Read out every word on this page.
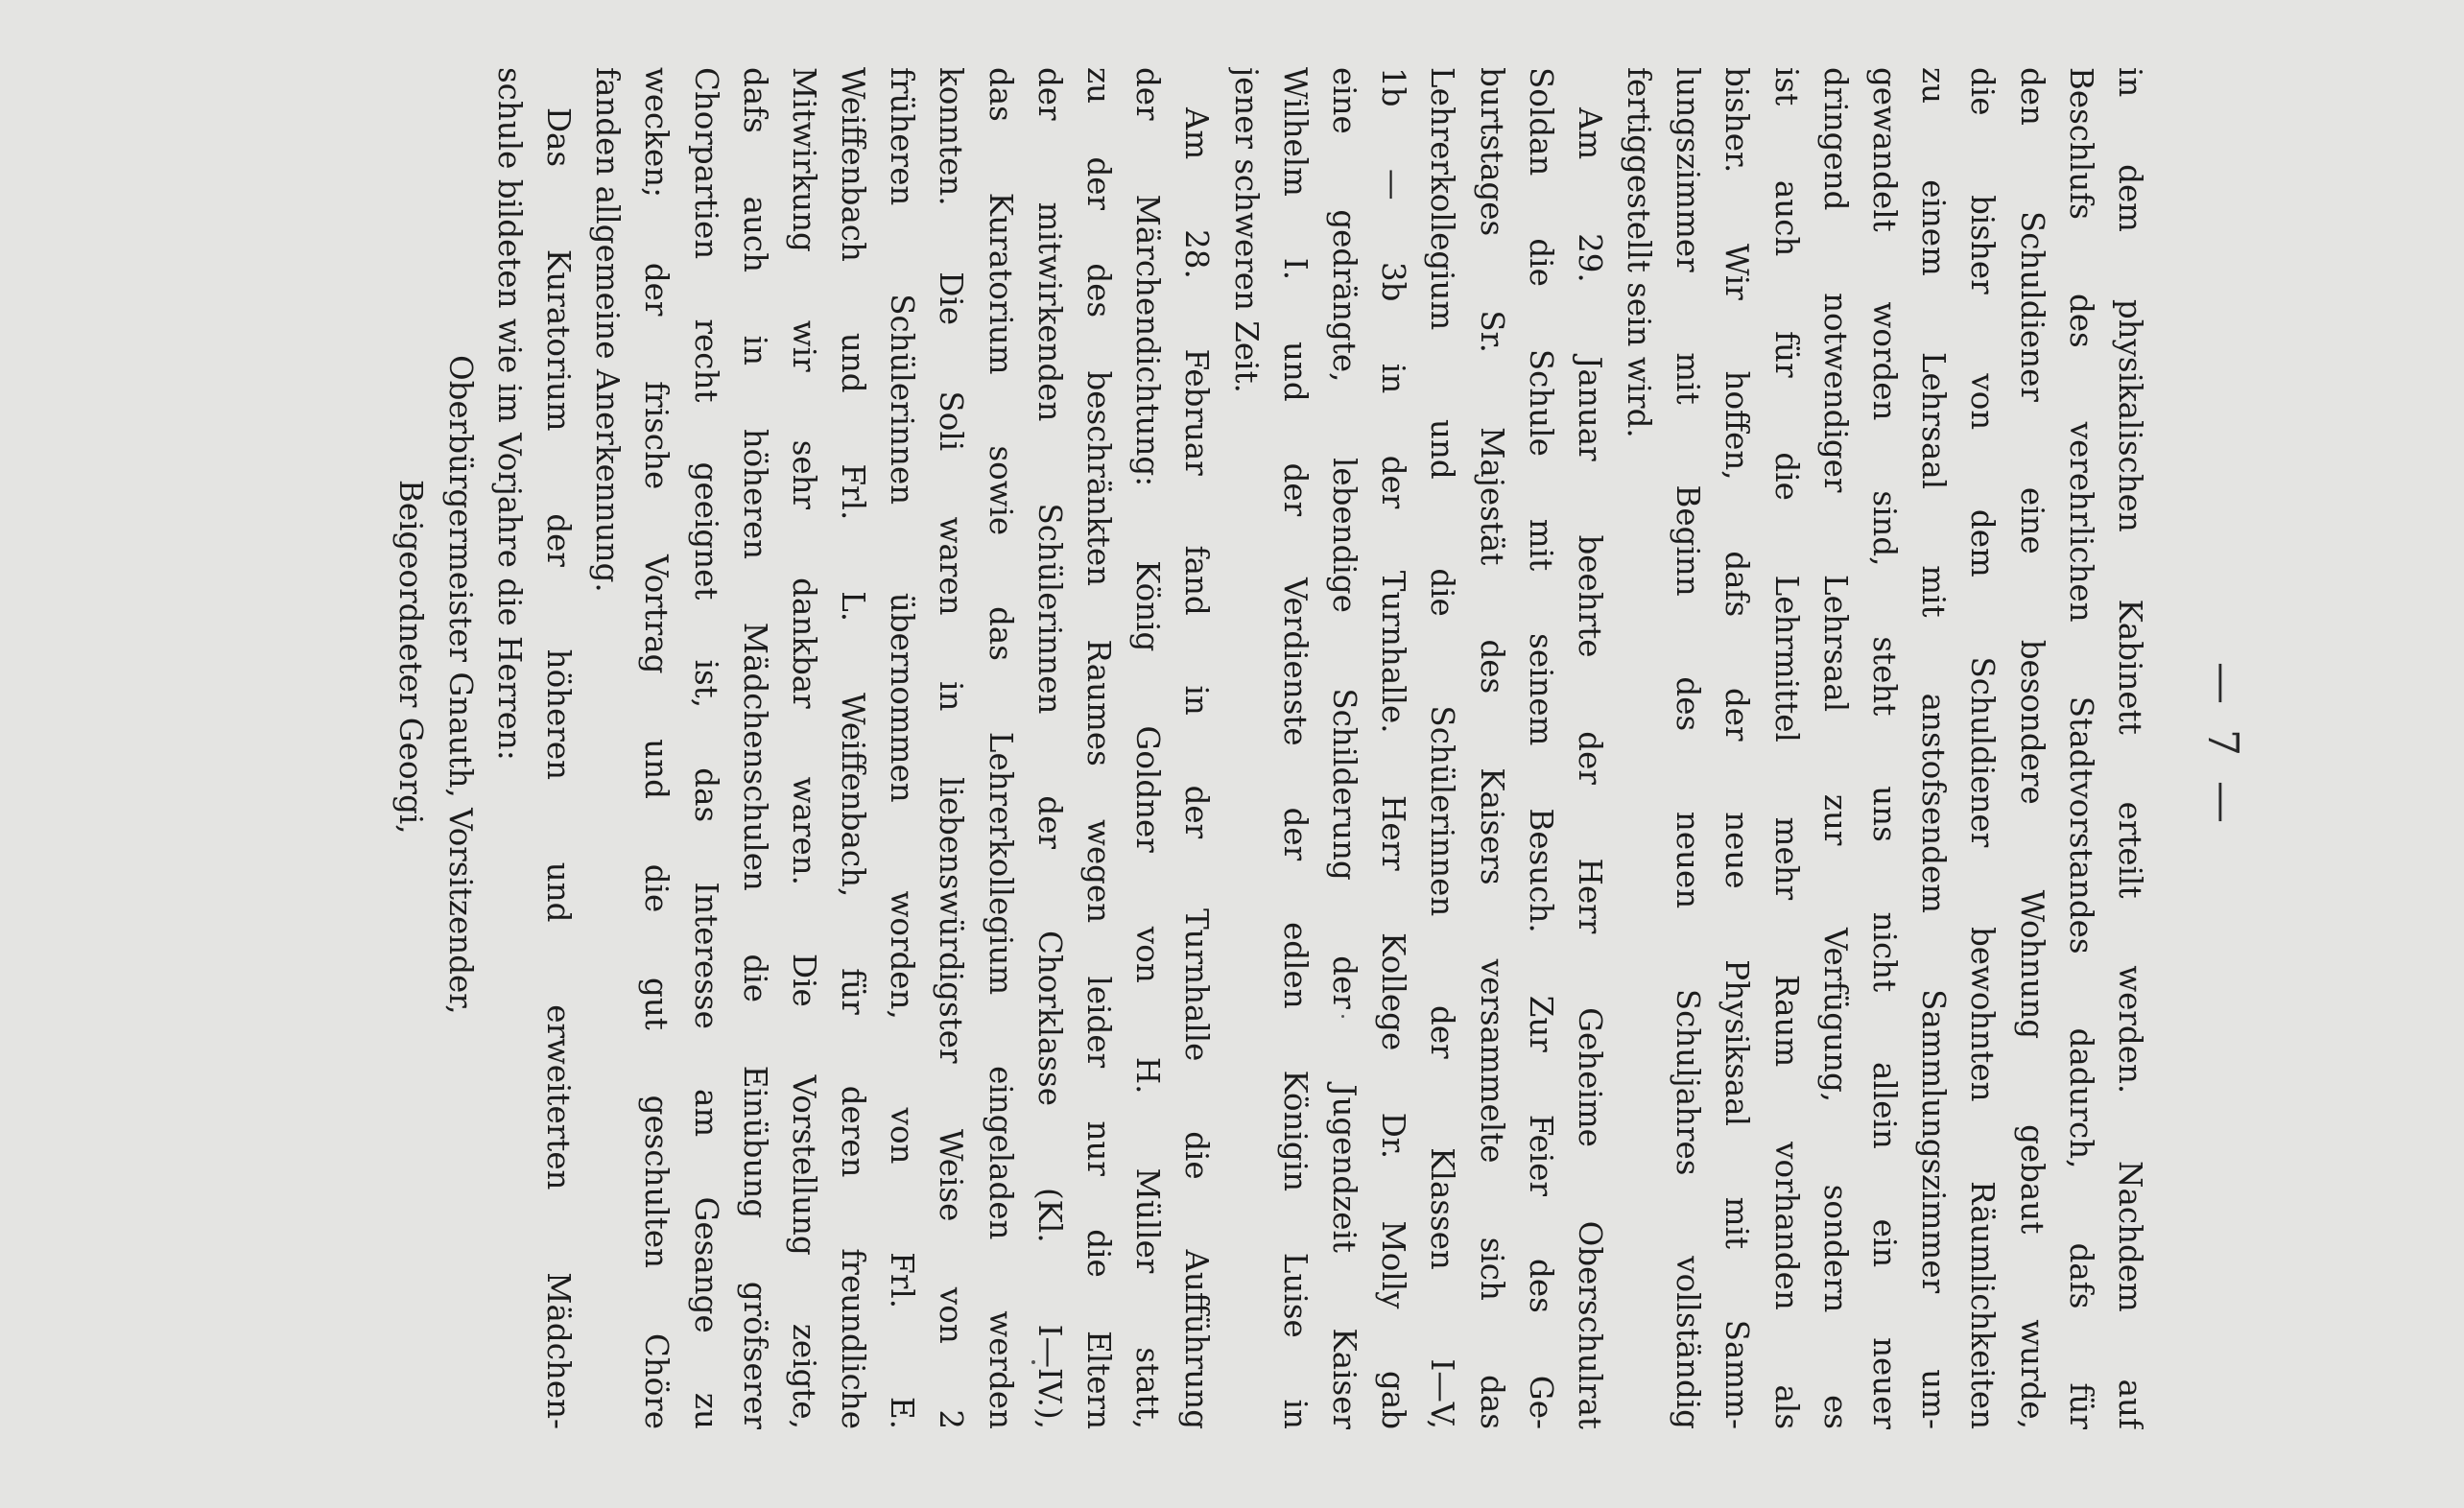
— 7 —
in dem physikalischen Kabinett erteilt werden. Nachdem auf
Beschlufs des verehrlichen Stadtvorstandes dadurch, dafs für
den Schuldiener eine besondere Wohnung gebaut wurde,
die bisher von dem Schuldiener bewohnten Räumlichkeiten
zu einem Lehrsaal mit anstofsendem Sammlungszimmer um-
gewandelt worden sind, steht uns nicht allein ein neuer
dringend notwendiger Lehrsaal zur Verfügung, sondern es
ist auch für die Lehrmittel mehr Raum vorhanden als
bisher. Wir hoffen, dafs der neue Physiksaal mit Samm-
lungszimmer mit Beginn des neuen Schuljahres vollständig
fertiggestellt sein wird.
Am 29. Januar beehrte der Herr Geheime Oberschulrat
Soldan die Schule mit seinem Besuch. Zur Feier des Ge-
burtstages Sr. Majestät des Kaisers versammelte sich das
Lehrerkollegium und die Schülerinnen der Klassen I—V,
1b — 3b in der Turnhalle. Herr Kollege Dr. Molly gab
eine gedrängte, lebendige Schilderung der Jugendzeit Kaiser
Wilhelm I. und der Verdienste der edlen Königin Luise in
jener schweren Zeit.
Am 28. Februar fand in der Turnhalle die Aufführung
der Märchendichtung: König Goldner von H. Müller statt,
zu der des beschränkten Raumes wegen leider nur die Eltern
der mitwirkenden Schülerinnen der Chorklasse (Kl. I—IV.),
das Kuratorium sowie das Lehrerkollegium eingeladen werden
konnten. Die Soli waren in liebenswürdigster Weise von 2
früheren Schülerinnen übernommen worden, von Frl. E.
Weiffenbach und Frl. L. Weiffenbach, für deren freundliche
Mitwirkung wir sehr dankbar waren. Die Vorstellung zeigte,
dafs auch in höheren Mädchenschulen die Einübung gröfserer
Chorpartien recht geeignet ist, das Interesse am Gesange zu
wecken; der frische Vortrag und die gut geschulten Chöre
fanden allgemeine Anerkennung.
Das Kuratorium der höheren und erweiterten Mädchen-
schule bildeten wie im Vorjahre die Herren:
Oberbürgermeister Gnauth, Vorsitzender,
Beigeordneter Georgi,
